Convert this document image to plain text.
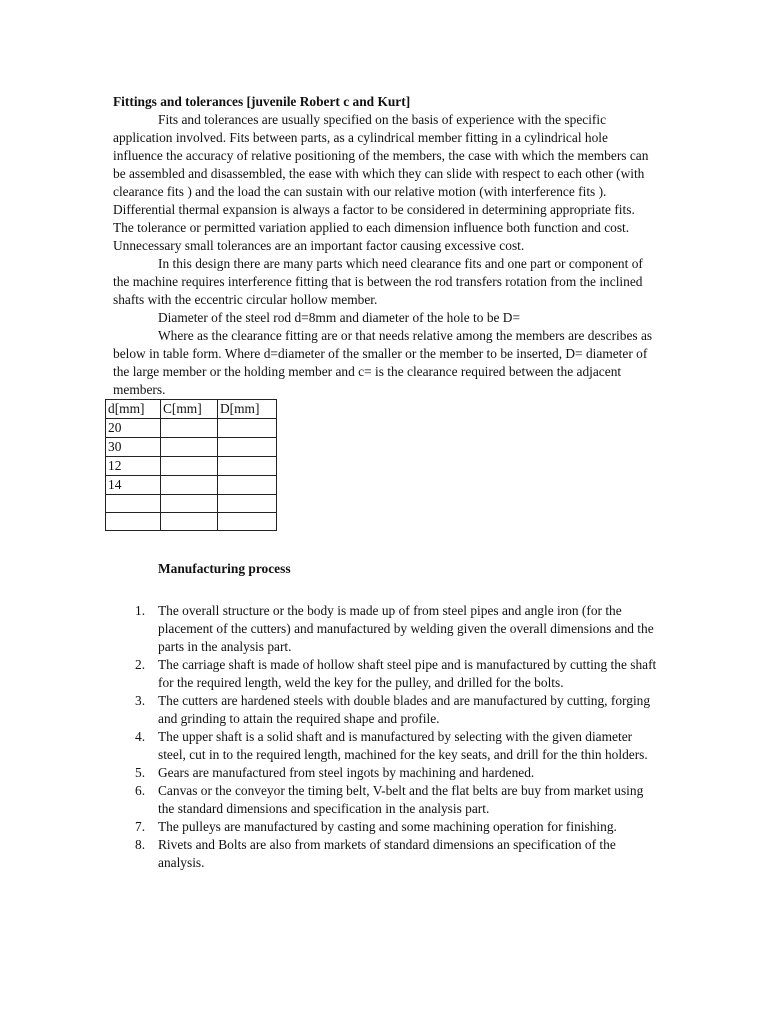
Fittings and tolerances [juvenile Robert c and Kurt]

Fits and tolerances are usually specified on the basis of experience with the specific application involved. Fits between parts, as a cylindrical member fitting in a cylindrical hole influence the accuracy of relative positioning of the members, the case with which the members can be assembled and disassembled, the ease with which they can slide with respect to each other (with clearance fits ) and the load the can sustain with our relative motion (with interference fits ). Differential thermal expansion is always a factor to be considered in determining appropriate fits. The tolerance or permitted variation applied to each dimension influence both function and cost. Unnecessary small tolerances are an important factor causing excessive cost.

In this design there are many parts which need clearance fits and one part or component of the machine requires interference fitting that is between the rod transfers rotation from the inclined shafts with the eccentric circular hollow member.

Diameter of the steel rod d=8mm and diameter of the hole to be D=

Where as the clearance fitting are or that needs relative among the members are describes as below in table form. Where d=diameter of the smaller or the member to be inserted, D= diameter of the large member or the holding member and c= is the clearance required between the adjacent members.

d[mm]	C[mm]	D[mm]
20		
30		
12		
14		

Manufacturing process

1. The overall structure or the body is made up of from steel pipes and angle iron (for the placement of the cutters) and manufactured by welding given the overall dimensions and the parts in the analysis part.
2. The carriage shaft is made of hollow shaft steel pipe and is manufactured by cutting the shaft for the required length, weld the key for the pulley, and drilled for the bolts.
3. The cutters are hardened steels with double blades and are manufactured by cutting, forging and grinding to attain the required shape and profile.
4. The upper shaft is a solid shaft and is manufactured by selecting with the given diameter steel, cut in to the required length, machined for the key seats, and drill for the thin holders.
5. Gears are manufactured from steel ingots by machining and hardened.
6. Canvas or the conveyor the timing belt, V-belt and the flat belts are buy from market using the standard dimensions and specification in the analysis part.
7. The pulleys are manufactured by casting and some machining operation for finishing.
8. Rivets and Bolts are also from markets of standard dimensions an specification of the analysis.
